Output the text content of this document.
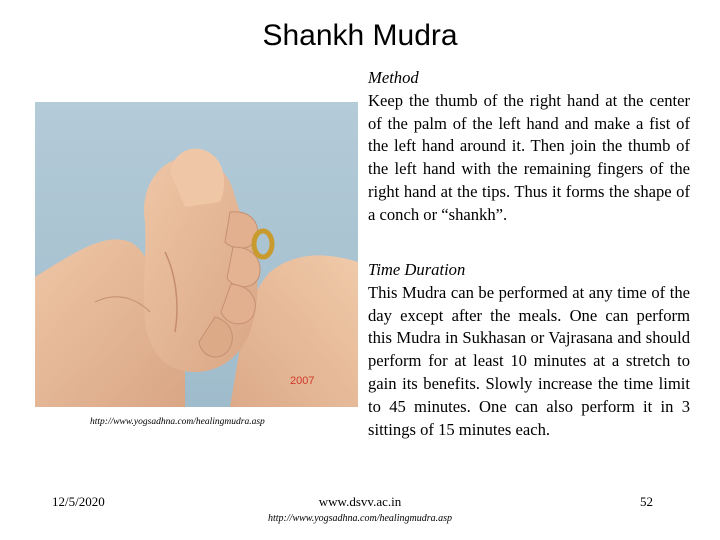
Shankh Mudra
2007
http://www.yogsadhna.com/healingmudra.asp
Method
Keep the thumb of the right hand at the center of the palm of the left hand and make a fist of the left hand around it. Then join the thumb of the left hand with the remaining fingers of the right hand at the tips. Thus it forms the shape of a conch or “shankh”.
Time Duration
This Mudra can be performed at any time of the day except after the meals. One can perform this Mudra in Sukhasan or Vajrasana and should perform for at least 10 minutes at a stretch to gain its benefits. Slowly increase the time limit to 45 minutes. One can also perform it in 3 sittings of 15 minutes each.
12/5/2020	www.dsvv.ac.in
http://www.yogsadhna.com/healingmudra.asp
52
